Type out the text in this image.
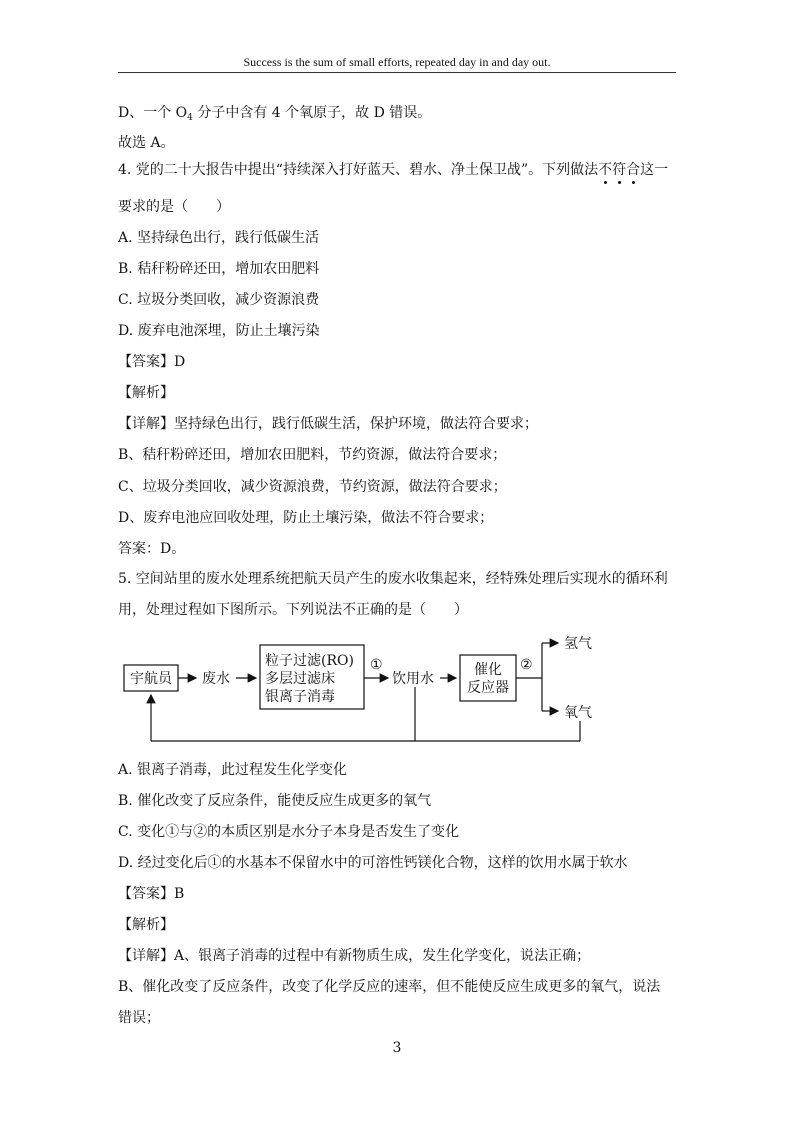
Success is the sum of small efforts, repeated day in and day out.
D、一个 $O_4$ 分子中含有 4 个氧原子，故 D 错误。
故选 A。
4. 党的二十大报告中提出“持续深入打好蓝天、碧水、净土保卫战”。下列做法不符合这一
要求的是（　　）
A. 坚持绿色出行，践行低碳生活
B. 秸秆粉碎还田，增加农田肥料
C. 垃圾分类回收，减少资源浪费
D. 废弃电池深埋，防止土壤污染
【答案】D
【解析】
【详解】坚持绿色出行，践行低碳生活，保护环境，做法符合要求；
B、秸秆粉碎还田，增加农田肥料，节约资源，做法符合要求；
C、垃圾分类回收，减少资源浪费，节约资源，做法符合要求；
D、废弃电池应回收处理，防止土壤污染，做法不符合要求；
答案：D。
5. 空间站里的废水处理系统把航天员产生的废水收集起来，经特殊处理后实现水的循环利
用，处理过程如下图所示。下列说法不正确的是（　　）
宇航员 废水
粒子过滤(RO)
多层过滤床
银离子消毒
①
饮用水
催化
反应器
②
氢气
氧气
A. 银离子消毒，此过程发生化学变化
B. 催化改变了反应条件，能使反应生成更多的氧气
C. 变化①与②的本质区别是水分子本身是否发生了变化
D. 经过变化后①的水基本不保留水中的可溶性钙镁化合物，这样的饮用水属于软水
【答案】B
【解析】
【详解】A、银离子消毒的过程中有新物质生成，发生化学变化，说法正确；
B、催化改变了反应条件，改变了化学反应的速率，但不能使反应生成更多的氧气，说法
错误；
3
